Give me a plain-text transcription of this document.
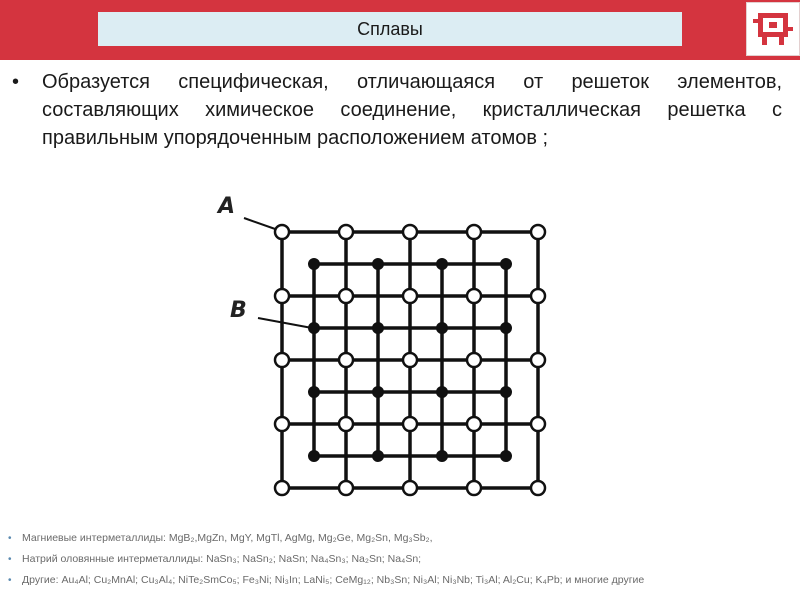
Сплавы
•	Образуется специфическая, отличающаяся от решеток элементов, составляющих химическое соединение, кристаллическая решетка с правильным упорядоченным расположением атомов ;
A
B
• Магниевые интерметаллиды: MgB₂,MgZn, MgY, MgTl, AgMg, Mg₂Ge, Mg₂Sn, Mg₃Sb₂,
• Натрий оловянные интерметаллиды: NaSn₃; NaSn₂; NaSn; Na₄Sn₃; Na₂Sn; Na₄Sn;
• Другие: Au₄Al; Cu₂MnAl; Cu₃Al₄; NiTe₂SmCo₅; Fe₃Ni; Ni₃In; LaNi₅; CeMg₁₂; Nb₃Sn; Ni₃Al; Ni₃Nb; Ti₃Al; Al₂Cu; K₄Pb; и многие другие
